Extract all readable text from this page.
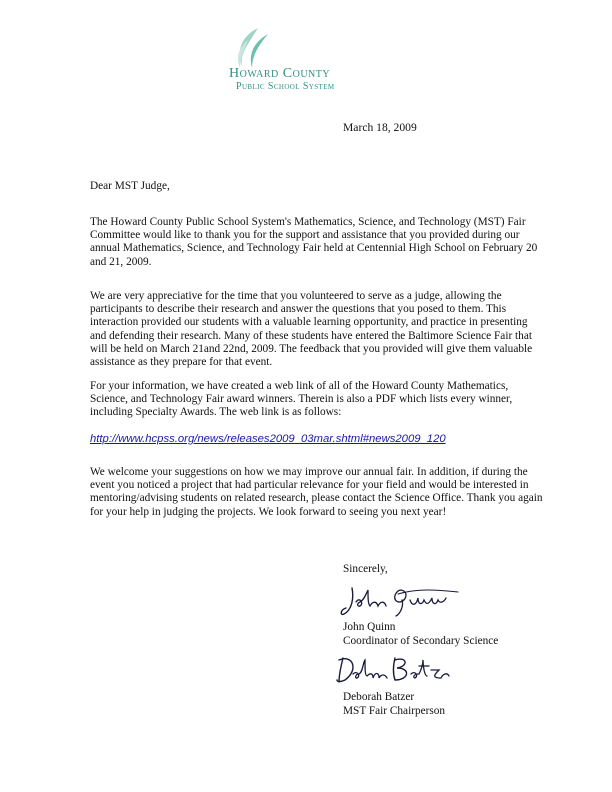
Howard County
Public School System
March 18, 2009
Dear MST Judge,
The Howard County Public School System's Mathematics, Science, and Technology (MST) Fair Committee would like to thank you for the support and assistance that you provided during our annual Mathematics, Science, and Technology Fair held at Centennial High School on February 20 and 21, 2009.
We are very appreciative for the time that you volunteered to serve as a judge, allowing the participants to describe their research and answer the questions that you posed to them. This interaction provided our students with a valuable learning opportunity, and practice in presenting and defending their research. Many of these students have entered the Baltimore Science Fair that will be held on March 21and 22nd, 2009. The feedback that you provided will give them valuable assistance as they prepare for that event.
For your information, we have created a web link of all of the Howard County Mathematics, Science, and Technology Fair award winners. Therein is also a PDF which lists every winner, including Specialty Awards. The web link is as follows:
http://www.hcpss.org/news/releases2009_03mar.shtml#news2009_120
We welcome your suggestions on how we may improve our annual fair. In addition, if during the event you noticed a project that had particular relevance for your field and would be interested in mentoring/advising students on related research, please contact the Science Office. Thank you again for your help in judging the projects. We look forward to seeing you next year!
Sincerely,
John Quinn
Coordinator of Secondary Science
Deborah Batzer
MST Fair Chairperson
